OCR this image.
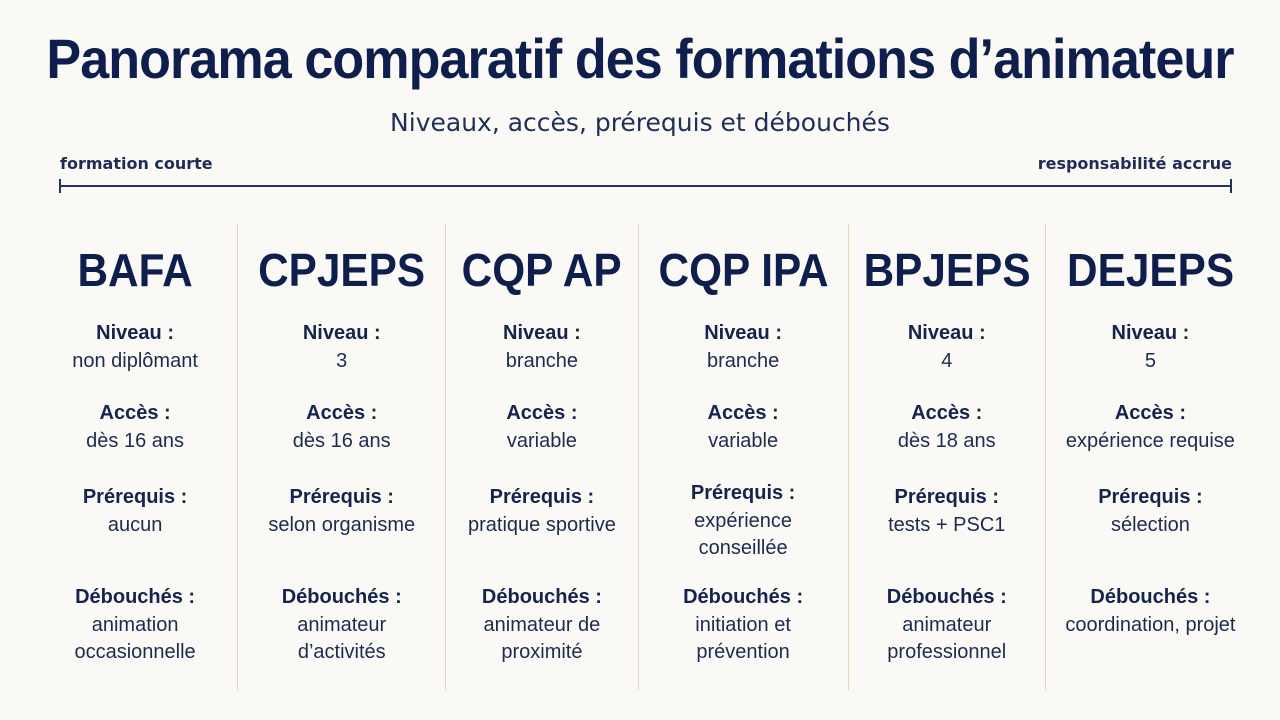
Panorama comparatif des formations d’animateur
Niveaux, accès, prérequis et débouchés
formation courte	responsabilité accrue
BAFA
Niveau :
non diplômant
Accès :
dès 16 ans
Prérequis :
aucun
Débouchés :
animation
occasionnelle
CPJEPS
Niveau :
3
Accès :
dès 16 ans
Prérequis :
selon organisme
Débouchés :
animateur
d’activités
CQP AP
Niveau :
branche
Accès :
variable
Prérequis :
pratique sportive
Débouchés :
animateur de
proximité
CQP IPA
Niveau :
branche
Accès :
variable
Prérequis :
expérience
conseillée
Débouchés :
initiation et
prévention
BPJEPS
Niveau :
4
Accès :
dès 18 ans
Prérequis :
tests + PSC1
Débouchés :
animateur
professionnel
DEJEPS
Niveau :
5
Accès :
expérience requise
Prérequis :
sélection
Débouchés :
coordination, projet
